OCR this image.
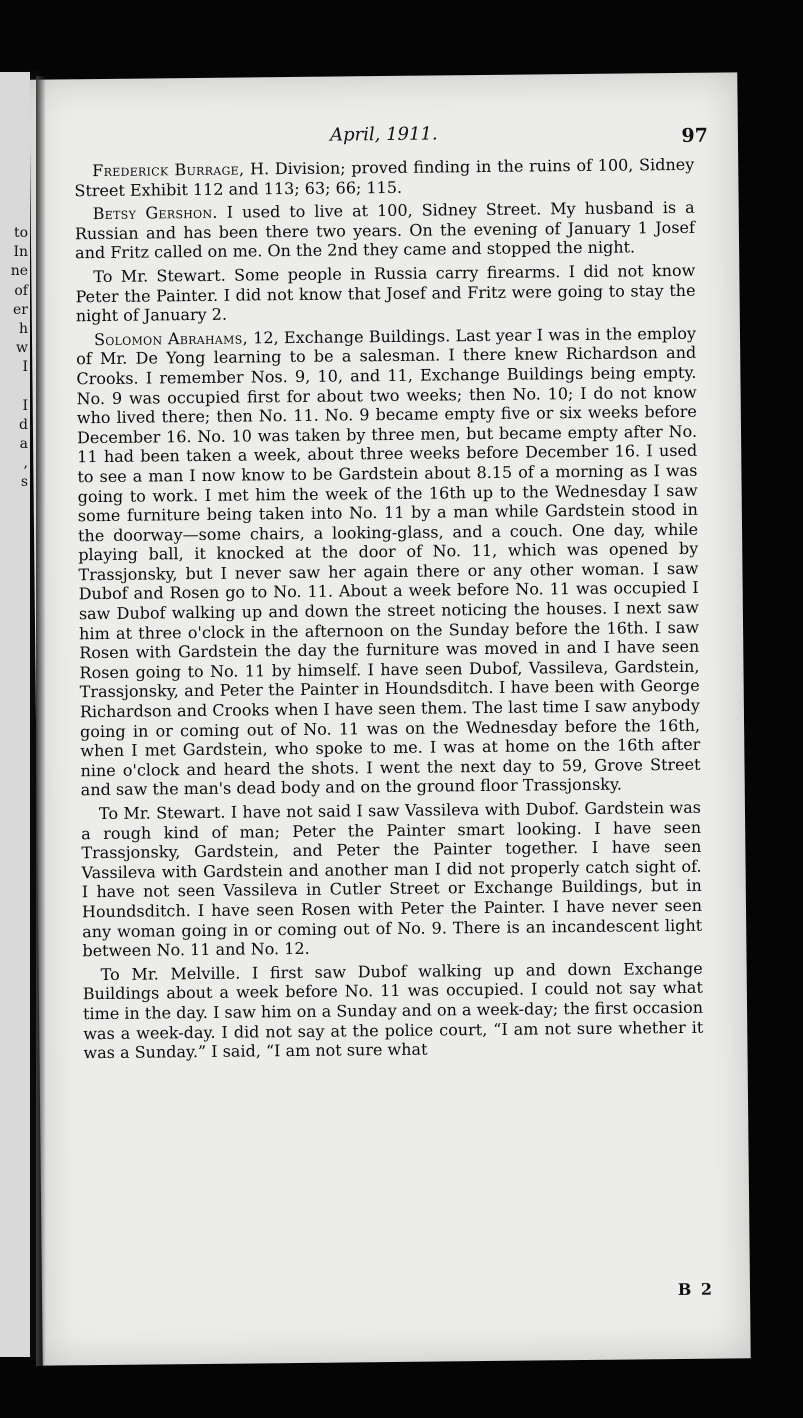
to
In
ne
of
er
h
w
I
I
d
a
,
s
April, 1911.	97

Frederick Burrage, H. Division; proved finding in the ruins of 100, Sidney Street Exhibit 112 and 113; 63; 66; 115.

Betsy Gershon. I used to live at 100, Sidney Street. My husband is a Russian and has been there two years. On the evening of January 1 Josef and Fritz called on me. On the 2nd they came and stopped the night.

To Mr. Stewart. Some people in Russia carry firearms. I did not know Peter the Painter. I did not know that Josef and Fritz were going to stay the night of January 2.

Solomon Abrahams, 12, Exchange Buildings. Last year I was in the employ of Mr. De Yong learning to be a salesman. I there knew Richardson and Crooks. I remember Nos. 9, 10, and 11, Exchange Buildings being empty. No. 9 was occupied first for about two weeks; then No. 10; I do not know who lived there; then No. 11. No. 9 became empty five or six weeks before December 16. No. 10 was taken by three men, but became empty after No. 11 had been taken a week, about three weeks before December 16. I used to see a man I now know to be Gardstein about 8.15 of a morning as I was going to work. I met him the week of the 16th up to the Wednesday I saw some furniture being taken into No. 11 by a man while Gardstein stood in the doorway—some chairs, a looking-glass, and a couch. One day, while playing ball, it knocked at the door of No. 11, which was opened by Trassjonsky, but I never saw her again there or any other woman. I saw Dubof and Rosen go to No. 11. About a week before No. 11 was occupied I saw Dubof walking up and down the street noticing the houses. I next saw him at three o'clock in the afternoon on the Sunday before the 16th. I saw Rosen with Gardstein the day the furniture was moved in and I have seen Rosen going to No. 11 by himself. I have seen Dubof, Vassileva, Gardstein, Trassjonsky, and Peter the Painter in Houndsditch. I have been with George Richardson and Crooks when I have seen them. The last time I saw anybody going in or coming out of No. 11 was on the Wednesday before the 16th, when I met Gardstein, who spoke to me. I was at home on the 16th after nine o'clock and heard the shots. I went the next day to 59, Grove Street and saw the man's dead body and on the ground floor Trassjonsky.

To Mr. Stewart. I have not said I saw Vassileva with Dubof. Gardstein was a rough kind of man; Peter the Painter smart looking. I have seen Trassjonsky, Gardstein, and Peter the Painter together. I have seen Vassileva with Gardstein and another man I did not properly catch sight of. I have not seen Vassileva in Cutler Street or Exchange Buildings, but in Houndsditch. I have seen Rosen with Peter the Painter. I have never seen any woman going in or coming out of No. 9. There is an incandescent light between No. 11 and No. 12.

To Mr. Melville. I first saw Dubof walking up and down Exchange Buildings about a week before No. 11 was occupied. I could not say what time in the day. I saw him on a Sunday and on a week-day; the first occasion was a week-day. I did not say at the police court, “I am not sure whether it was a Sunday.” I said, “I am not sure what

B 2
